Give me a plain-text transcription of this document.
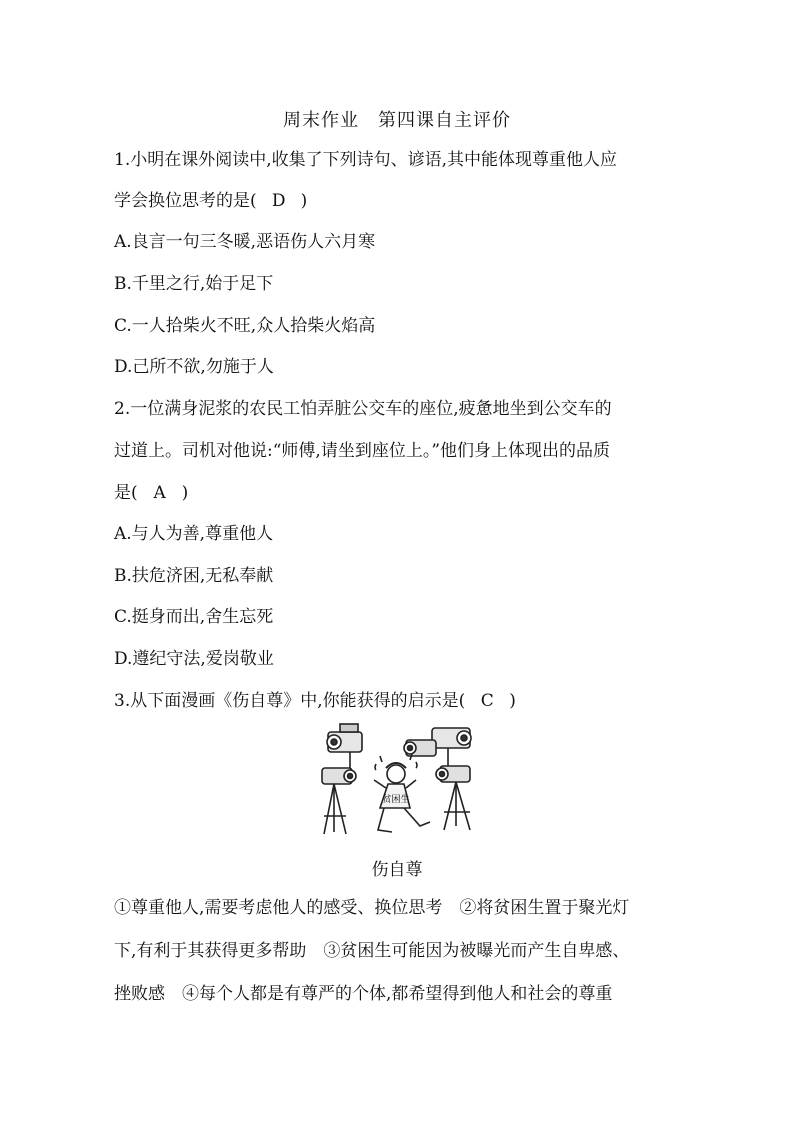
周末作业　第四课自主评价
1.小明在课外阅读中,收集了下列诗句、谚语,其中能体现尊重他人应
学会换位思考的是( D )
A.良言一句三冬暖,恶语伤人六月寒
B.千里之行,始于足下
C.一人拾柴火不旺,众人拾柴火焰高
D.己所不欲,勿施于人
2.一位满身泥浆的农民工怕弄脏公交车的座位,疲惫地坐到公交车的
过道上。司机对他说:“师傅,请坐到座位上。”他们身上体现出的品质
是( A )
A.与人为善,尊重他人
B.扶危济困,无私奉献
C.挺身而出,舍生忘死
D.遵纪守法,爱岗敬业
3.从下面漫画《伤自尊》中,你能获得的启示是( C )
贫困生
伤自尊
①尊重他人,需要考虑他人的感受、换位思考　②将贫困生置于聚光灯
下,有利于其获得更多帮助　③贫困生可能因为被曝光而产生自卑感、
挫败感　④每个人都是有尊严的个体,都希望得到他人和社会的尊重
